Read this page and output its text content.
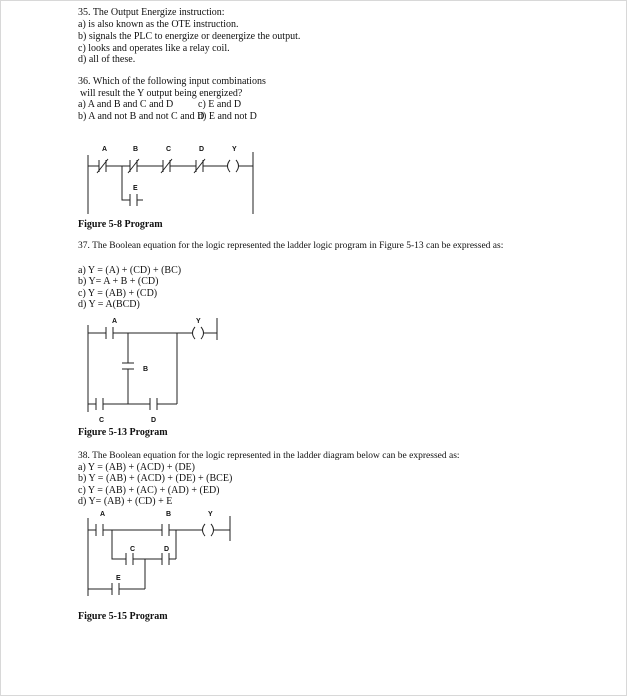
35. The Output Energize instruction:
a) is also known as the OTE instruction.
b) signals the PLC to energize or deenergize the output.
c) looks and operates like a relay coil.
d) all of these.
36. Which of the following input combinations
will result the Y output being energized?
a) A and B and C and D c) E and D
b) A and not B and not C and D
d) E and not D
A	B	C	D	Y
E
Figure 5-8 Program
37. The Boolean equation for the logic represented the ladder logic program in Figure 5-13 can be expressed as:
a) Y = (A) + (CD) + (BC)
b) Y= A + B + (CD)
c) Y = (AB) + (CD)
d) Y = A(BCD)
A	Y
B
C	D
Figure 5-13 Program
38. The Boolean equation for the logic represented in the ladder diagram below can be expressed as:
a) Y = (AB) + (ACD) + (DE)
b) Y = (AB) + (ACD) + (DE) + (BCE)
c) Y = (AB) + (AC) + (AD) + (ED)
d) Y= (AB) + (CD) + E
A	B	Y
C	D
E
Figure 5-15 Program
